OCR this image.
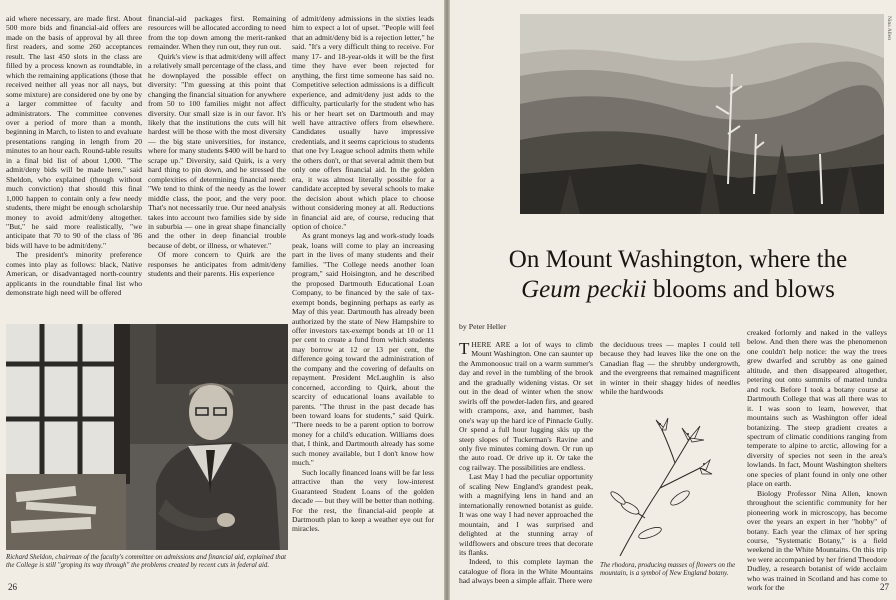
aid where necessary, are made first. About 500 more bids and financial-aid offers are made on the basis of approval by all three first readers, and some 260 acceptances result. The last 450 slots in the class are filled by a process known as roundtable, in which the remaining applications (those that received neither all yeas nor all nays, but some mixture) are considered one by one by a larger committee of faculty and administrators. The committee convenes over a period of more than a month, beginning in March, to listen to and evaluate presentations ranging in length from 20 minutes to an hour each. Round-table results in a final bid list of about 1,000. "The admit/deny bids will be made here," said Sheldon, who explained (though without much conviction) that should this final 1,000 happen to contain only a few needy students, there might be enough scholarship money to avoid admit/deny altogether. "But," he said more realistically, "we anticipate that 70 to 90 of the class of '86 bids will have to be admit/deny."

The president's minority preference comes into play as follows: black, Native American, or disadvantaged north-country applicants in the roundtable final list who demonstrate high need will be offered

financial-aid packages first. Remaining resources will be allocated according to need from the top down among the merit-ranked remainder. When they run out, they run out.

Quirk's view is that admit/deny will affect a relatively small percentage of the class, and he downplayed the possible effect on diversity: "I'm guessing at this point that changing the financial situation for anywhere from 50 to 100 families might not affect diversity. Our small size is in our favor. It's likely that the institutions the cuts will hit hardest will be those with the most diversity — the big state universities, for instance, where for many students $400 will be hard to scrape up." Diversity, said Quirk, is a very hard thing to pin down, and he stressed the complexities of determining financial need: "We tend to think of the needy as the lower middle class, the poor, and the very poor. That's not necessarily true. Our need analysis takes into account two families side by side in suburbia — one in great shape financially and the other in deep financial trouble because of debt, or illness, or whatever."

Of more concern to Quirk are the responses he anticipates from admit/deny students and their parents. His experience

of admit/deny admissions in the sixties leads him to expect a lot of upset. "People will feel that an admit/deny bid is a rejection letter," he said. "It's a very difficult thing to receive. For many 17- and 18-year-olds it will be the first time they have ever been rejected for anything, the first time someone has said no. Competitive selection admissions is a difficult experience, and admit/deny just adds to the difficulty, particularly for the student who has his or her heart set on Dartmouth and may well have attractive offers from elsewhere. Candidates usually have impressive credentials, and it seems capricious to students that one Ivy League school admits them while the others don't, or that several admit them but only one offers financial aid. In the golden era, it was almost literally possible for a candidate accepted by several schools to make the decision about which place to choose without considering money at all. Reductions in financial aid are, of course, reducing that option of choice."

As grant moneys lag and work-study loads peak, loans will come to play an increasing part in the lives of many students and their families. "The College needs another loan program," said Hoisington, and he described the proposed Dartmouth Educational Loan Company, to be financed by the sale of tax-exempt bonds, beginning perhaps as early as May of this year. Dartmouth has already been authorized by the state of New Hampshire to offer investors tax-exempt bonds at 10 or 11 per cent to create a fund from which students may borrow at 12 or 13 per cent, the difference going toward the administration of the company and the covering of defaults on repayment. President McLaughlin is also concerned, according to Quirk, about the scarcity of educational loans available to parents. "The thrust in the past decade has been toward loans for students," said Quirk. "There needs to be a parent option to borrow money for a child's education. Williams does that, I think, and Dartmouth already has some such money available, but I don't know how much."

Such locally financed loans will be far less attractive than the very low-interest Guaranteed Student Loans of the golden decade — but they will be better than nothing. For the rest, the financial-aid people at Dartmouth plan to keep a weather eye out for miracles.

Richard Sheldon, chairman of the faculty's committee on admissions and financial aid, explained that the College is still "groping its way through" the problems created by recent cuts in federal aid.
26
Nina Allen
On Mount Washington, where the
Geum peckii blooms and blows
by Peter Heller

THERE ARE a lot of ways to climb Mount Washington. One can saunter up the Ammonoosuc trail on a warm summer's day and revel in the tumbling of the brook and the gradually widening vistas. Or set out in the dead of winter when the snow swirls off the powder-laden firs, and geared with crampons, axe, and hammer, bash one's way up the hard ice of Pinnacle Gully. Or spend a full hour lugging skis up the steep slopes of Tuckerman's Ravine and only five minutes coming down. Or run up the auto road. Or drive up it. Or take the cog railway. The possibilities are endless.

Last May I had the peculiar opportunity of scaling New England's grandest peak, with a magnifying lens in hand and an internationally renowned botanist as guide. It was one way I had never approached the mountain, and I was surprised and delighted at the stunning array of wildflowers and obscure trees that decorate its flanks.

Indeed, to this complete layman the catalogue of flora in the White Mountains had always been a simple affair. There were

the deciduous trees — maples I could tell because they had leaves like the one on the Canadian flag — the shrubby undergrowth, and the evergreens that remained magnificent in winter in their shaggy hides of needles while the hardwoods

The rhodora, producing masses of flowers on the mountain, is a symbol of New England botany.

creaked forlornly and naked in the valleys below. And then there was the phenomenon one couldn't help notice: the way the trees grew dwarfed and scrubby as one gained altitude, and then disappeared altogether, petering out onto summits of matted tundra and rock. Before I took a botany course at Dartmouth College that was all there was to it. I was soon to learn, however, that mountains such as Washington offer ideal botanizing. The steep gradient creates a spectrum of climatic conditions ranging from temperate to alpine to arctic, allowing for a diversity of species not seen in the area's lowlands. In fact, Mount Washington shelters one species of plant found in only one other place on earth.

Biology Professor Nina Allen, known throughout the scientific community for her pioneering work in microscopy, has become over the years an expert in her "hobby" of botany. Each year the climax of her spring course, "Systematic Botany," is a field weekend in the White Mountains. On this trip we were accompanied by her friend Theodore Dudley, a research botanist of wide acclaim who was trained in Scotland and has come to work for the	27
